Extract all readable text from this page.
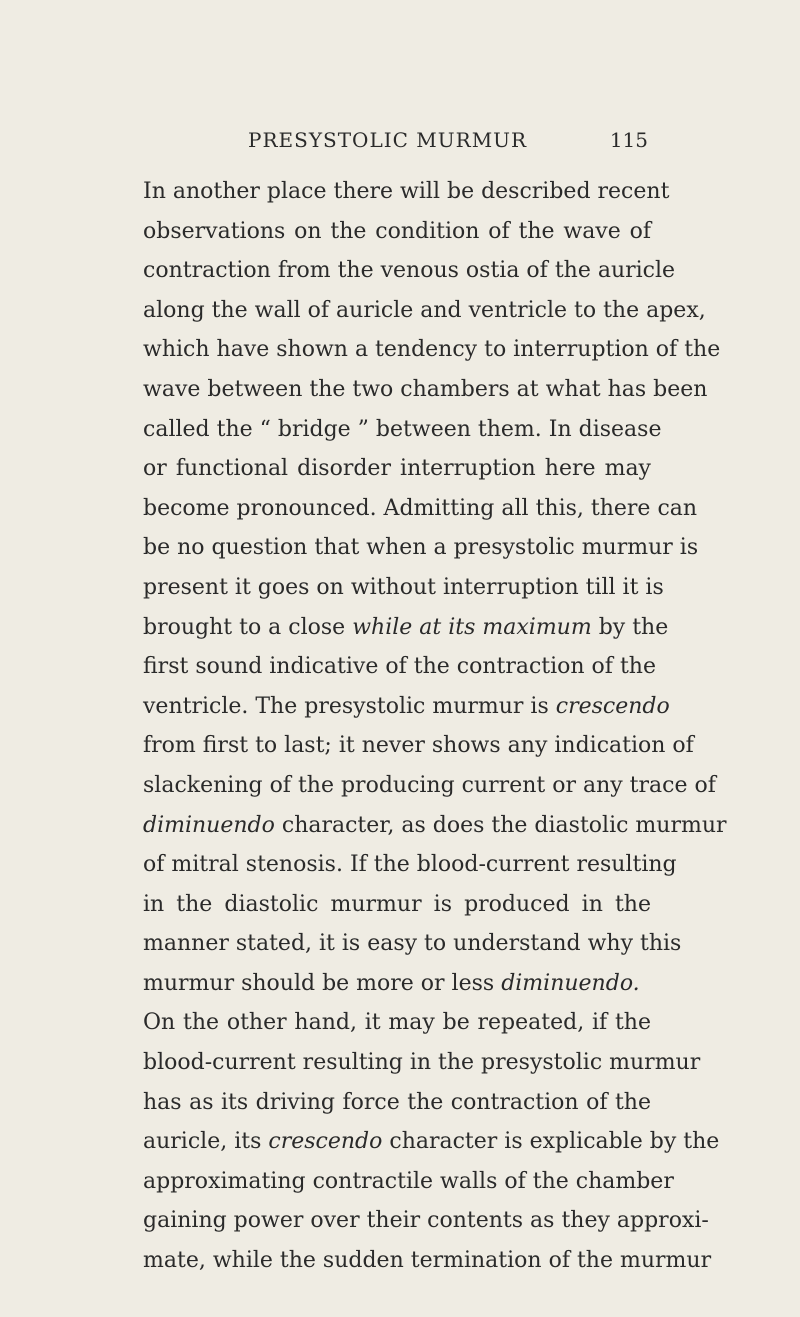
PRESYSTOLIC MURMUR	115
In another place there will be described recent
observations on the condition of the wave of
contraction from the venous ostia of the auricle
along the wall of auricle and ventricle to the apex,
which have shown a tendency to interruption of the
wave between the two chambers at what has been
called the “ bridge ” between them. In disease
or functional disorder interruption here may
become pronounced. Admitting all this, there can
be no question that when a presystolic murmur is
present it goes on without interruption till it is
brought to a close while at its maximum by the
first sound indicative of the contraction of the
ventricle. The presystolic murmur is crescendo
from first to last; it never shows any indication of
slackening of the producing current or any trace of
diminuendo character, as does the diastolic murmur
of mitral stenosis. If the blood-current resulting
in the diastolic murmur is produced in the
manner stated, it is easy to understand why this
murmur should be more or less diminuendo.
On the other hand, it may be repeated, if the
blood-current resulting in the presystolic murmur
has as its driving force the contraction of the
auricle, its crescendo character is explicable by the
approximating contractile walls of the chamber
gaining power over their contents as they approxi-
mate, while the sudden termination of the murmur
